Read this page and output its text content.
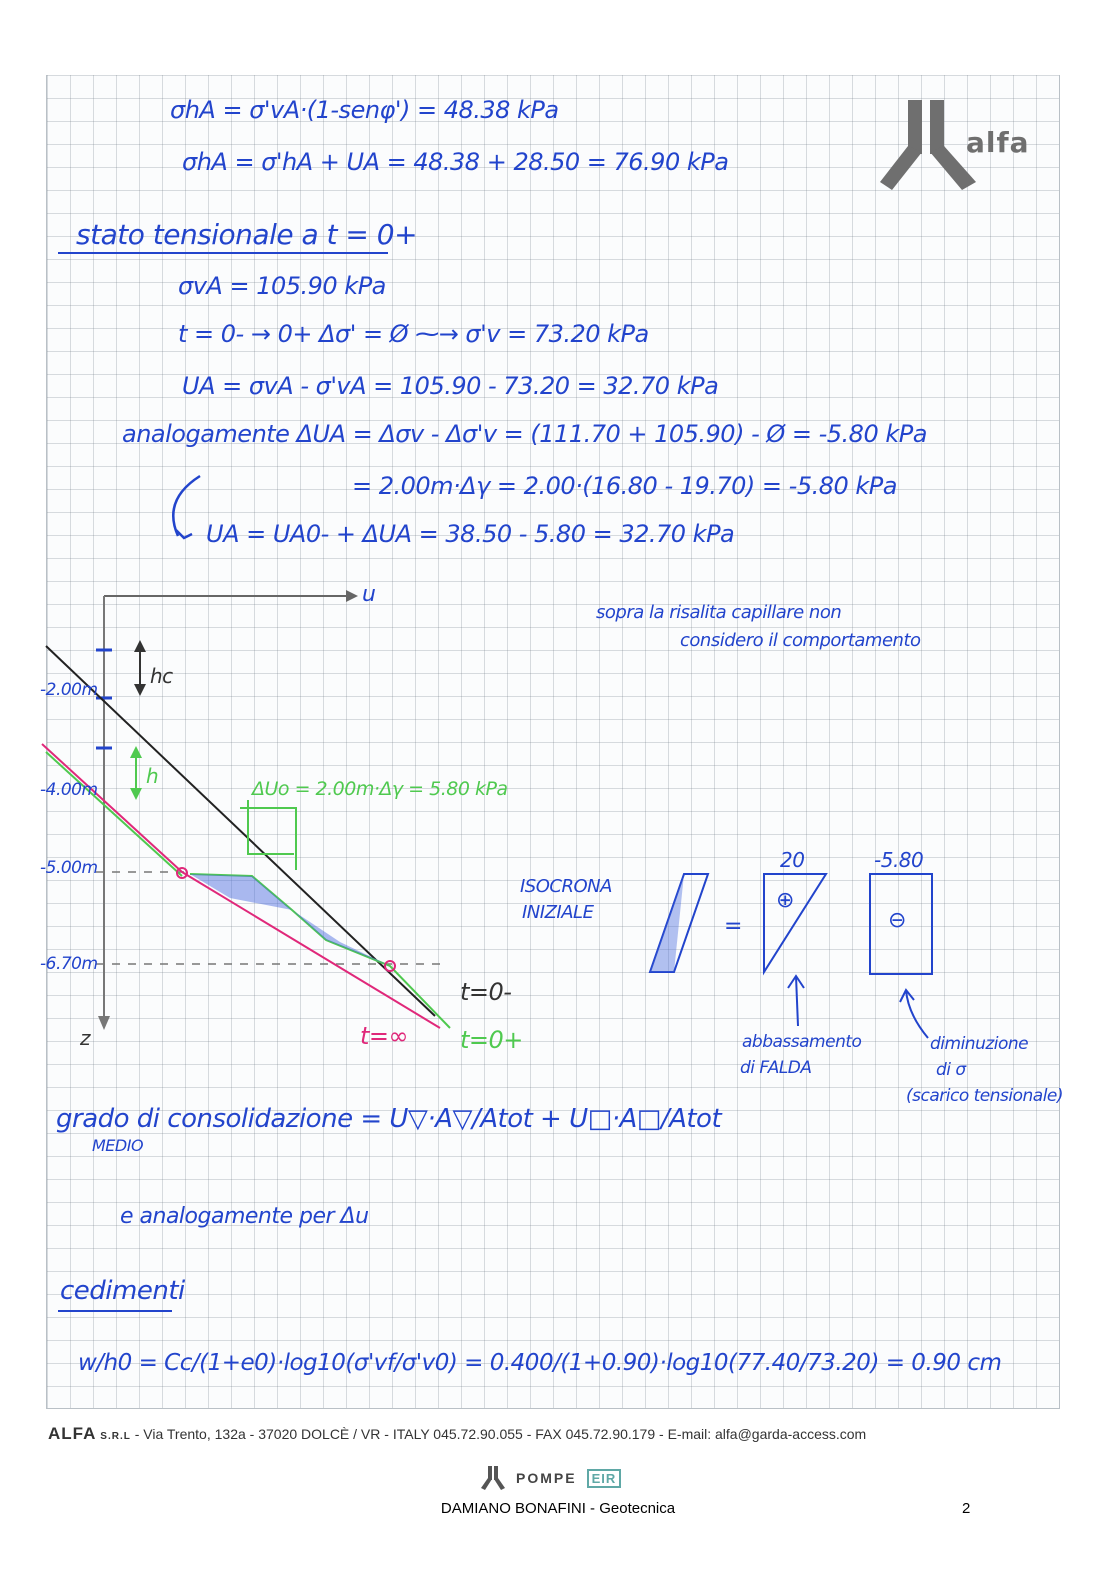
alfa
σhA = σ'vA·(1-senφ') = 48.38 kPa
σhA = σ'hA + UA = 48.38 + 28.50 = 76.90 kPa
stato tensionale a t = 0+
σvA = 105.90 kPa
t = 0- → 0+ Δσ' = Ø ⁓→ σ'v = 73.20 kPa
UA = σvA - σ'vA = 105.90 - 73.20 = 32.70 kPa
analogamente ΔUA = Δσv - Δσ'v = (111.70 + 105.90) - Ø = -5.80 kPa
= 2.00m·Δγ = 2.00·(16.80 - 19.70) = -5.80 kPa
UA = UA0- + ΔUA = 38.50 - 5.80 = 32.70 kPa
u
z
hc
h
-2.00m
-4.00m
-5.00m
-6.70m
ΔUo = 2.00m·Δγ = 5.80 kPa
t=0-
t=∞ t=0+
sopra la risalita capillare non
considero il comportamento
ISOCRONA
INIZIALE
=
20
⊕
-5.80
⊖
abbassamento
di FALDA
diminuzione
di σ
(scarico tensionale)
grado di consolidazione = U▽·A▽/Atot + U□·A□/Atot
MEDIO
e analogamente per Δu
cedimenti
w/h0 = Cc/(1+e0)·log10(σ'vf/σ'v0) = 0.400/(1+0.90)·log10(77.40/73.20) = 0.90 cm
ALFA S.R.L - Via Trento, 132a - 37020 DOLCÈ / VR - ITALY 045.72.90.055 - FAX 045.72.90.179 - E-mail: alfa@garda-access.com
POMPE	EIR
DAMIANO BONAFINI - Geotecnica	2
